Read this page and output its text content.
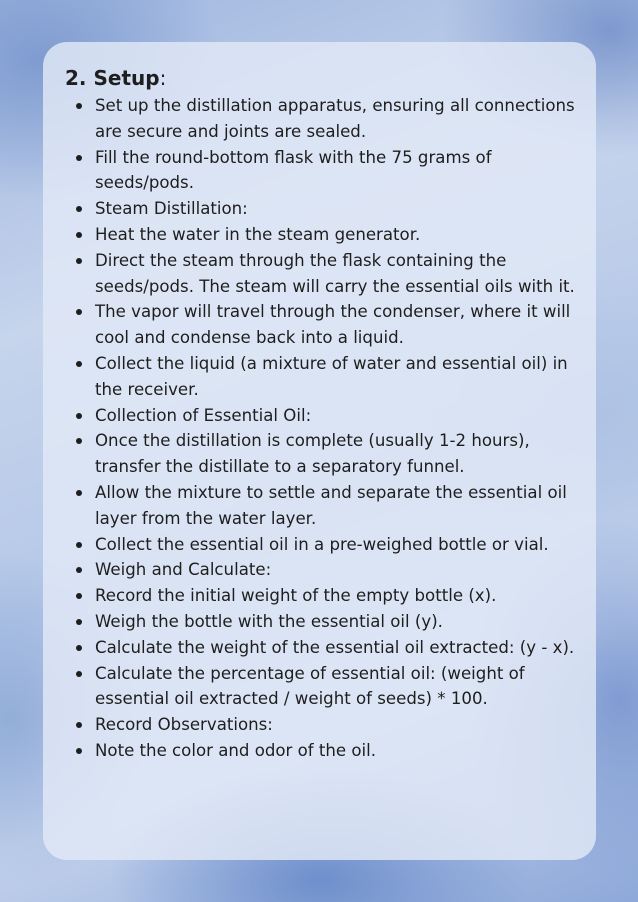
2. Setup:
Set up the distillation apparatus, ensuring all connections are secure and joints are sealed.
Fill the round-bottom flask with the 75 grams of seeds/pods.
Steam Distillation:
Heat the water in the steam generator.
Direct the steam through the flask containing the seeds/pods. The steam will carry the essential oils with it.
The vapor will travel through the condenser, where it will cool and condense back into a liquid.
Collect the liquid (a mixture of water and essential oil) in the receiver.
Collection of Essential Oil:
Once the distillation is complete (usually 1-2 hours), transfer the distillate to a separatory funnel.
Allow the mixture to settle and separate the essential oil layer from the water layer.
Collect the essential oil in a pre-weighed bottle or vial.
Weigh and Calculate:
Record the initial weight of the empty bottle (x).
Weigh the bottle with the essential oil (y).
Calculate the weight of the essential oil extracted: (y - x).
Calculate the percentage of essential oil: (weight of essential oil extracted / weight of seeds) * 100.
Record Observations:
Note the color and odor of the oil.
